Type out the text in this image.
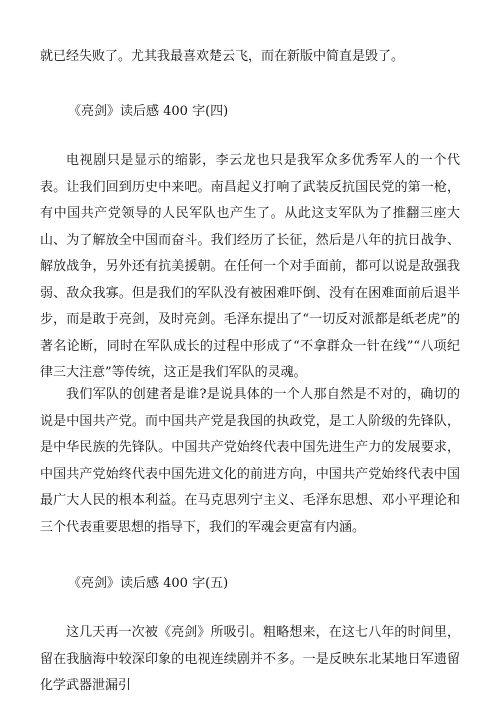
就已经失败了。尤其我最喜欢楚云飞，而在新版中简直是毁了。

《亮剑》读后感 400 字(四)

电视剧只是显示的缩影，李云龙也只是我军众多优秀军人的一个代表。让我们回到历史中来吧。南昌起义打响了武装反抗国民党的第一枪，有中国共产党领导的人民军队也产生了。从此这支军队为了推翻三座大山、为了解放全中国而奋斗。我们经历了长征，然后是八年的抗日战争、解放战争，另外还有抗美援朝。在任何一个对手面前，都可以说是敌强我弱、敌众我寡。但是我们的军队没有被困难吓倒、没有在困难面前后退半步，而是敢于亮剑，及时亮剑。毛泽东提出了“一切反对派都是纸老虎”的著名论断，同时在军队成长的过程中形成了“不拿群众一针在线”“八项纪律三大注意”等传统，这正是我们军队的灵魂。

我们军队的创建者是谁?是说具体的一个人那自然是不对的，确切的说是中国共产党。而中国共产党是我国的执政党，是工人阶级的先锋队，是中华民族的先锋队。中国共产党始终代表中国先进生产力的发展要求，中国共产党始终代表中国先进文化的前进方向，中国共产党始终代表中国最广大人民的根本利益。在马克思列宁主义、毛泽东思想、邓小平理论和三个代表重要思想的指导下，我们的军魂会更富有内涵。

《亮剑》读后感 400 字(五)

这几天再一次被《亮剑》所吸引。粗略想来，在这七八年的时间里，留在我脑海中较深印象的电视连续剧并不多。一是反映东北某地日军遗留化学武器泄漏引
